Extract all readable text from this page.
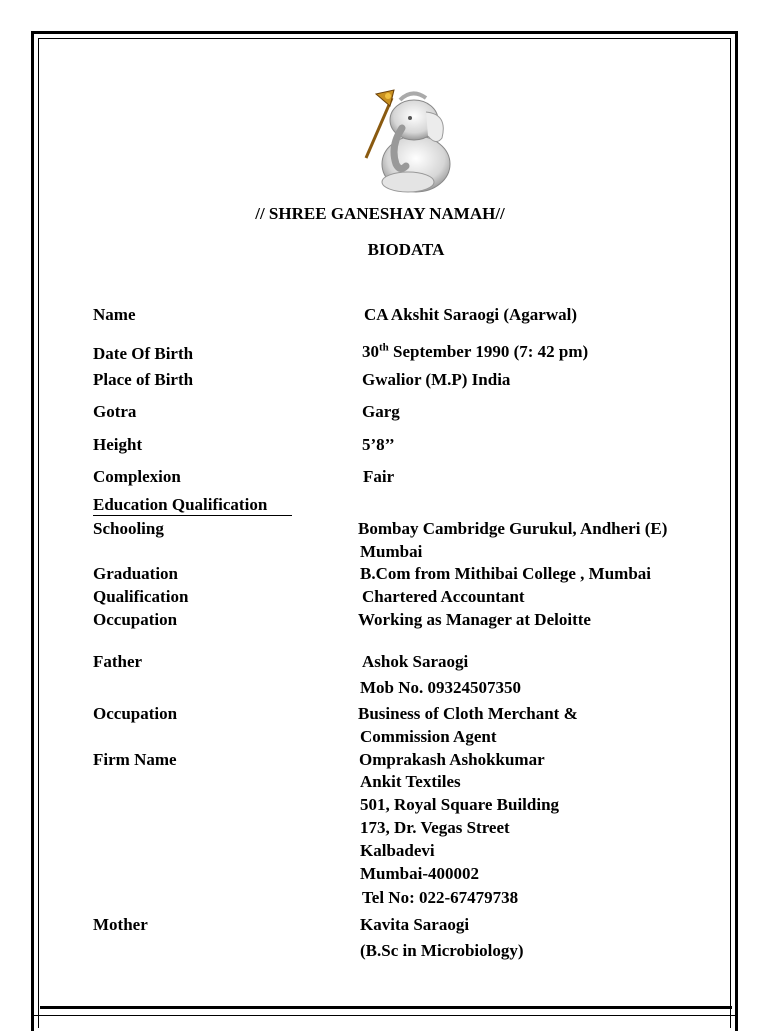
// SHREE GANESHAY NAMAH//
BIODATA
Name	CA Akshit Saraogi (Agarwal)
Date Of Birth	30th September 1990 (7: 42 pm)
Place of Birth	Gwalior (M.P) India
Gotra	Garg
Height	5’8’’
Complexion	Fair
Education Qualification
Schooling	Bombay Cambridge Gurukul, Andheri (E)
Mumbai
Graduation	B.Com from Mithibai College , Mumbai
Qualification	Chartered Accountant
Occupation	Working as Manager at Deloitte
Father	Ashok Saraogi
Mob No. 09324507350
Occupation	Business of Cloth Merchant &
Commission Agent
Firm Name	Omprakash Ashokkumar
Ankit Textiles
501, Royal Square Building
173, Dr. Vegas Street
Kalbadevi
Mumbai-400002
Tel No: 022-67479738
Mother	Kavita Saraogi
(B.Sc in Microbiology)
